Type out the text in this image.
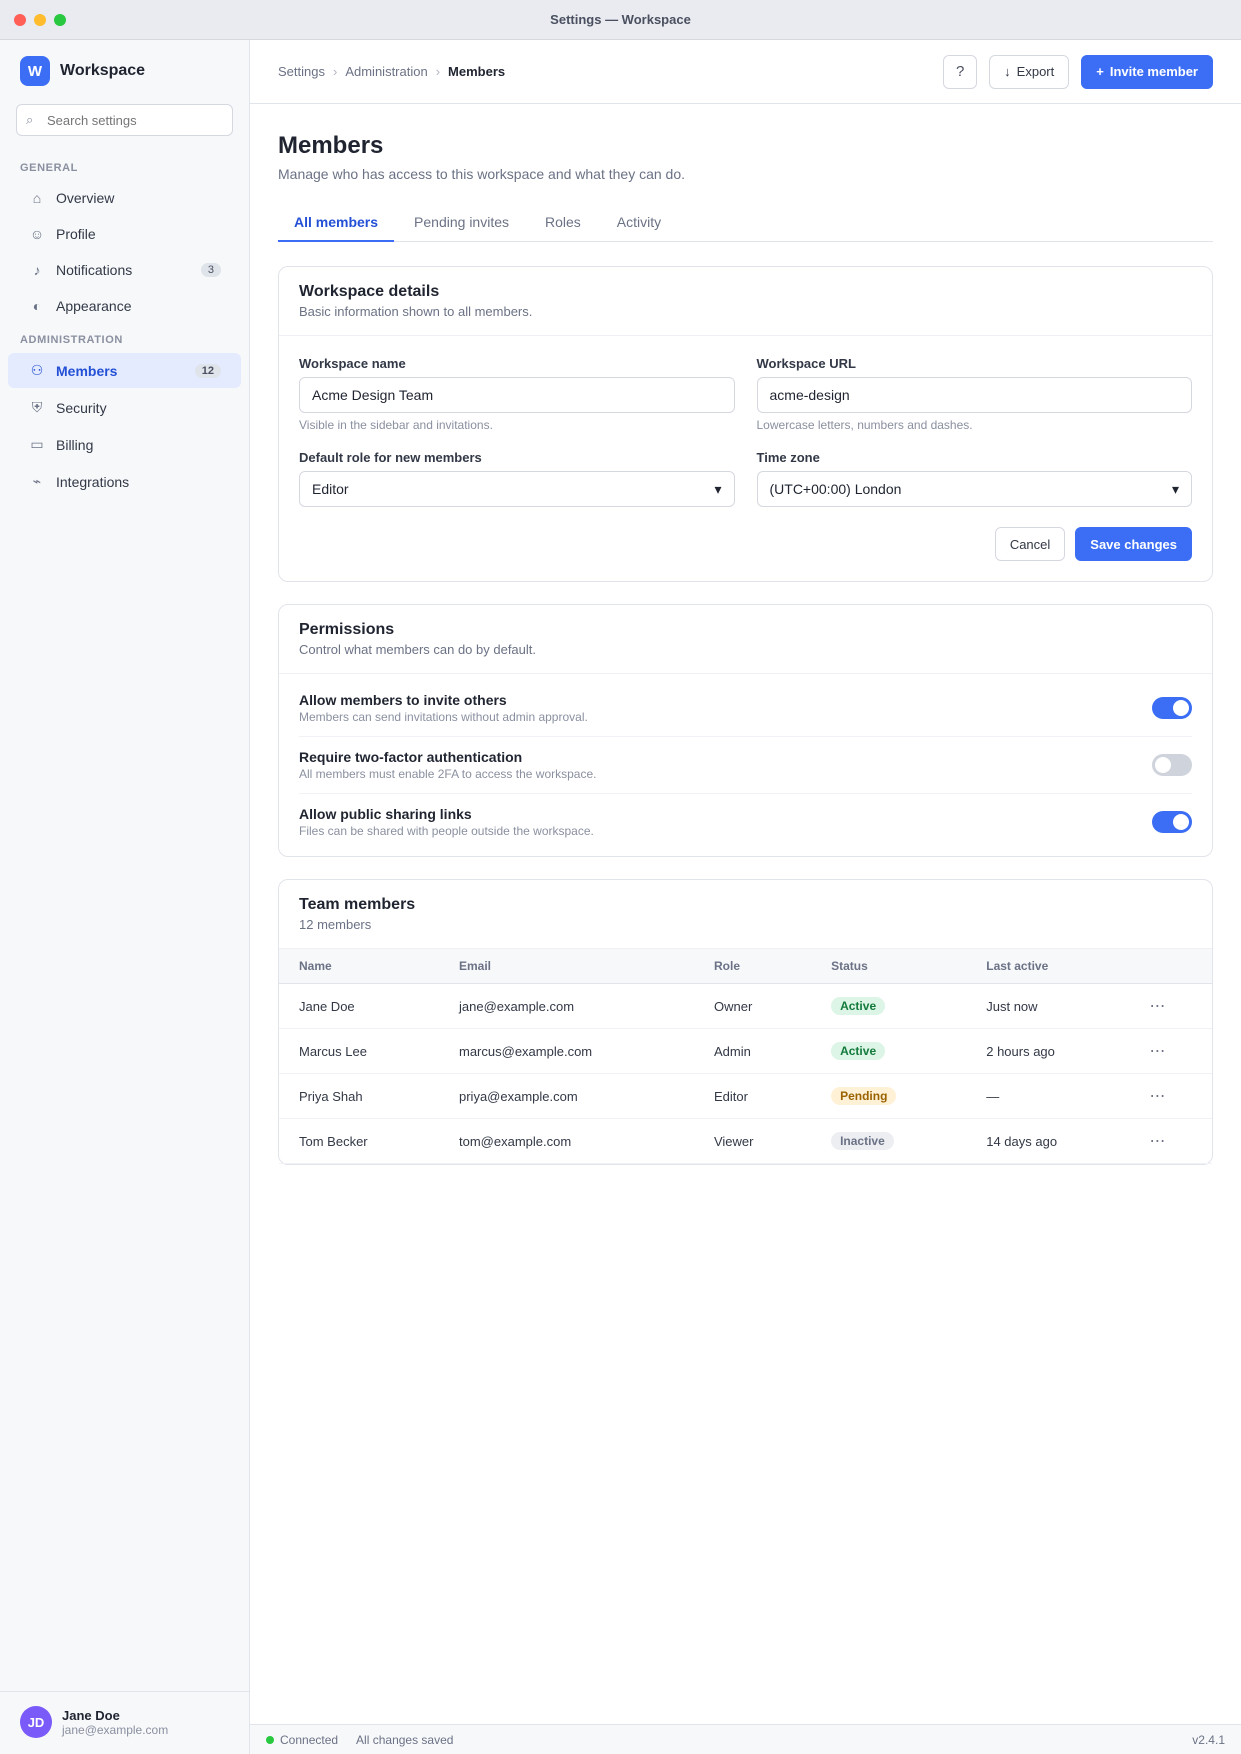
Settings — Workspace
W	Workspace
⌕
Search settings
GENERAL
⌂	Overview
☺ Profile
♪	Notifications	3
◐	Appearance
ADMINISTRATION
⚇ Members	12
⛨ Security
▭ Billing
⌁	Integrations
JD	Jane Doe
jane@example.com
Settings › Administration › Members	?	↓ Export	+ Invite member
Members

Manage who has access to this workspace and what they can do.

All members	Pending invites	Roles	Activity
Workspace details
Basic information shown to all members.
Workspace name
Acme Design Team
Visible in the sidebar and invitations.
Workspace URL
acme-design
Lowercase letters, numbers and dashes.
Default role for new members
Editor	▾
Time zone
(UTC+00:00) London	▾
Cancel	Save changes
Permissions
Control what members can do by default.
Allow members to invite others
Members can send invitations without admin approval.
Require two-factor authentication
All members must enable 2FA to access the workspace.
Allow public sharing links
Files can be shared with people outside the workspace.
Team members
12 members
Name	Email	Role	Status	Last active	
Jane Doe	jane@example.com	Owner	Active	Just now	⋯
Marcus Lee	marcus@example.com	Admin	Active	2 hours ago	⋯
Priya Shah	priya@example.com	Editor	Pending	—	⋯
Tom Becker	tom@example.com	Viewer	Inactive	14 days ago	⋯
Connected All changes saved	v2.4.1
